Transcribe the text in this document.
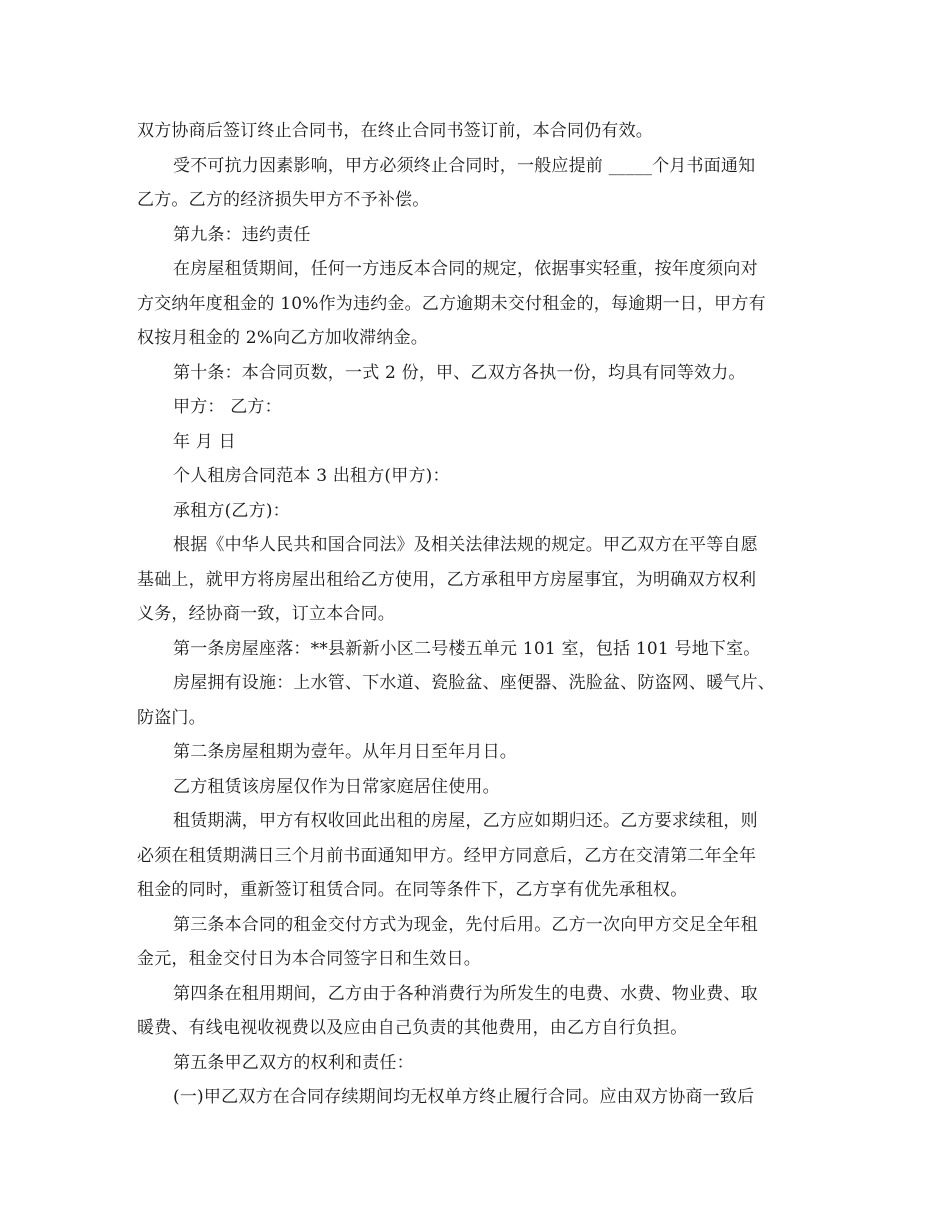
双方协商后签订终止合同书，在终止合同书签订前，本合同仍有效。

受不可抗力因素影响，甲方必须终止合同时，一般应提前 _____个月书面通知

乙方。乙方的经济损失甲方不予补偿。

第九条：违约责任

在房屋租赁期间，任何一方违反本合同的规定，依据事实轻重，按年度须向对

方交纳年度租金的 10%作为违约金。乙方逾期未交付租金的，每逾期一日，甲方有

权按月租金的 2%向乙方加收滞纳金。

第十条：本合同页数，一式 2 份，甲、乙双方各执一份，均具有同等效力。

甲方： 乙方：

年 月 日

个人租房合同范本 3 出租方(甲方)：

承租方(乙方)：

根据《中华人民共和国合同法》及相关法律法规的规定。甲乙双方在平等自愿

基础上，就甲方将房屋出租给乙方使用，乙方承租甲方房屋事宜，为明确双方权利

义务，经协商一致，订立本合同。

第一条房屋座落：**县新新小区二号楼五单元 101 室，包括 101 号地下室。

房屋拥有设施：上水管、下水道、瓷脸盆、座便器、洗脸盆、防盗网、暖气片、

防盗门。

第二条房屋租期为壹年。从年月日至年月日。

乙方租赁该房屋仅作为日常家庭居住使用。

租赁期满，甲方有权收回此出租的房屋，乙方应如期归还。乙方要求续租，则

必须在租赁期满日三个月前书面通知甲方。经甲方同意后，乙方在交清第二年全年

租金的同时，重新签订租赁合同。在同等条件下，乙方享有优先承租权。

第三条本合同的租金交付方式为现金，先付后用。乙方一次向甲方交足全年租

金元，租金交付日为本合同签字日和生效日。

第四条在租用期间，乙方由于各种消费行为所发生的电费、水费、物业费、取

暖费、有线电视收视费以及应由自己负责的其他费用，由乙方自行负担。

第五条甲乙双方的权利和责任：

(一)甲乙双方在合同存续期间均无权单方终止履行合同。应由双方协商一致后
